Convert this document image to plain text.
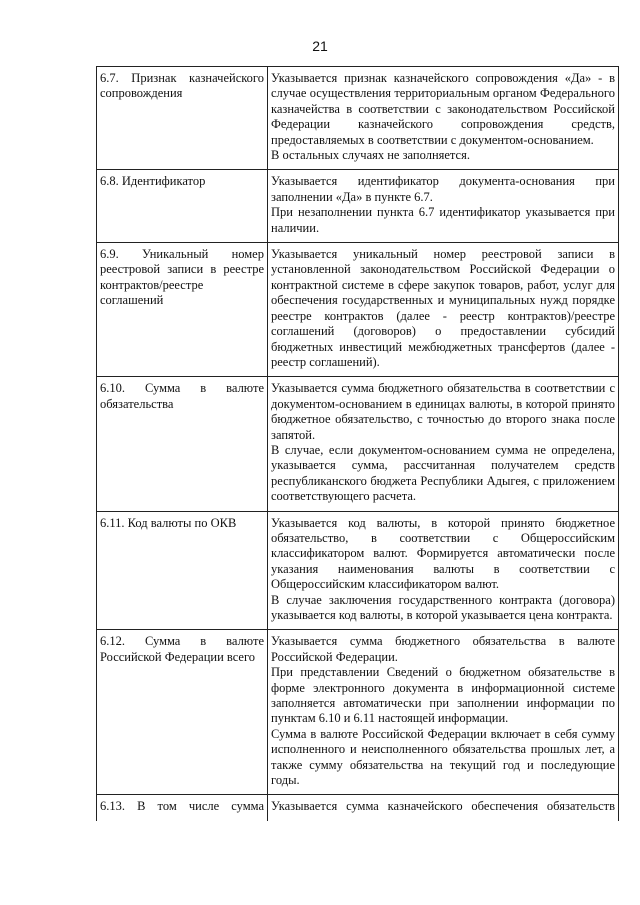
21
6.7. Признак казначейского сопровождения	Указывается признак казначейского сопровождения «Да» - в случае осуществления территориальным органом Федерального казначейства в соответствии с законодательством Российской Федерации казначейского сопровождения средств, предоставляемых в соответствии с документом-основанием.

В остальных случаях не заполняется.

6.8. Идентификатор	Указывается идентификатор документа-основания при заполнении «Да» в пункте 6.7.

При незаполнении пункта 6.7 идентификатор указывается при наличии.

6.9. Уникальный номер реестровой записи в реестре контрактов/реестре соглашений	Указывается уникальный номер реестровой записи в установленной законодательством Российской Федерации о контрактной системе в сфере закупок товаров, работ, услуг для обеспечения государственных и муниципальных нужд порядке реестре контрактов (далее - реестр контрактов)/реестре соглашений (договоров) о предоставлении субсидий бюджетных инвестиций межбюджетных трансфертов (далее - реестр соглашений).

6.10. Сумма в валюте обязательства	Указывается сумма бюджетного обязательства в соответствии с документом-основанием в единицах валюты, в которой принято бюджетное обязательство, с точностью до второго знака после запятой.

В случае, если документом-основанием сумма не определена, указывается сумма, рассчитанная получателем средств республиканского бюджета Республики Адыгея, с приложением соответствующего расчета.

6.11. Код валюты по ОКВ	Указывается код валюты, в которой принято бюджетное обязательство, в соответствии с Общероссийским классификатором валют. Формируется автоматически после указания наименования валюты в соответствии с Общероссийским классификатором валют.

В случае заключения государственного контракта (договора) указывается код валюты, в которой указывается цена контракта.

6.12. Сумма в валюте Российской Федерации всего	Указывается сумма бюджетного обязательства в валюте Российской Федерации.

При представлении Сведений о бюджетном обязательстве в форме электронного документа в информационной системе заполняется автоматически при заполнении информации по пунктам 6.10 и 6.11 настоящей информации.

Сумма в валюте Российской Федерации включает в себя сумму исполненного и неисполненного обязательства прошлых лет, а также сумму обязательства на текущий год и последующие годы.

6.13. В том числе сумма	Указывается сумма казначейского обеспечения обязательств
